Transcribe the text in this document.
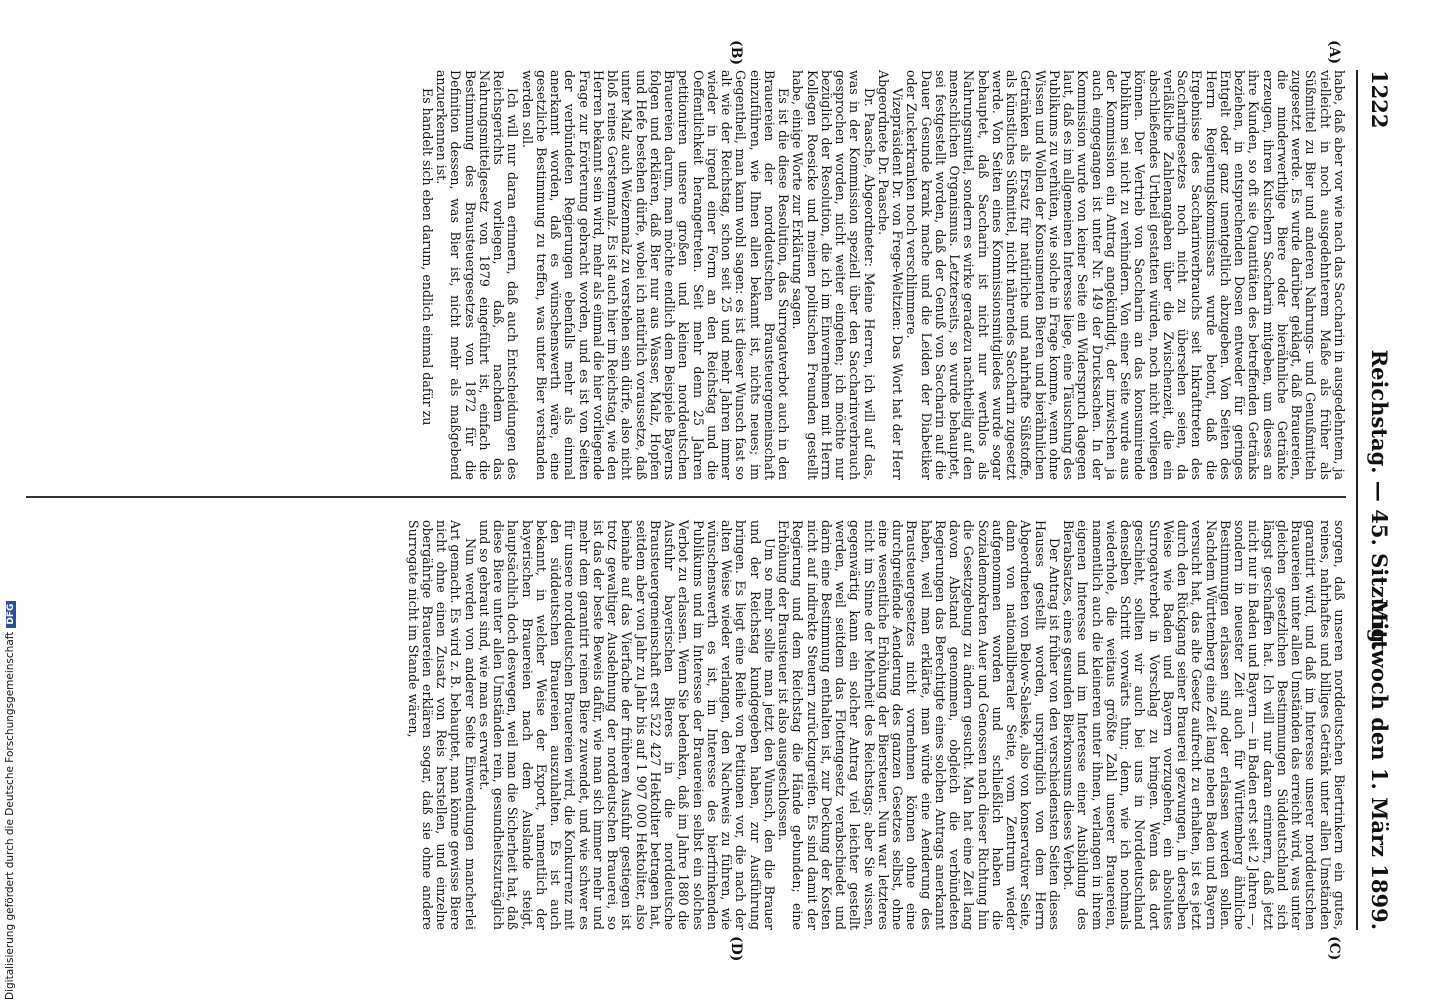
1222
Reichstag. — 45. Sitzung.
Mittwoch den 1. März 1899.
(A)
(B)
(C)
(D)

habe, daß aber vor wie nach das Saccharin in ausgedehntem, ja vielleicht in noch ausgedehnterem Maße als früher als Süßmittel zu Bier und anderen Nahrungs- und Genußmitteln zugesetzt werde. Es wurde darüber geklagt, daß Brauereien, die minderwerthige Biere oder bierähnliche Getränke erzeugen, ihren Kutschern Saccharin mitgeben, um dieses an ihre Kunden, so oft sie Quantitäten des betreffenden Getränks beziehen, in entsprechenden Dosen entweder für geringes Entgelt oder ganz unentgeltlich abzugeben. Von Seiten des Herrn Regierungskommissars wurde betont, daß die Ergebnisse des Saccharinverbrauchs seit Inkrafttreten des Saccharingesetzes noch nicht zu übersehen seien, da verläßliche Zahlenangaben über die Zwischenzeit, die ein abschließendes Urtheil gestatten würden, noch nicht vorliegen können. Der Vertrieb von Saccharin an das konsumirende Publikum sei nicht zu verhindern. Von einer Seite wurde aus der Kommission ein Antrag angekündigt, der inzwischen ja auch eingegangen ist unter Nr. 149 der Drucksachen. In der Kommission wurde von keiner Seite ein Widerspruch dagegen laut, daß es im allgemeinen Interesse liege, eine Täuschung des Publikums zu verhüten, wie solche in Frage komme, wenn ohne Wissen und Wollen der Konsumenten Bieren und bierähnlichen Getränken als Ersatz für natürliche und nahrhafte Süßstoffe, als künstliches Süßmittel, nicht nährendes Saccharin zugesetzt werde. Von Seiten eines Kommissionsmitgliedes wurde sogar behauptet, daß Saccharin ist nicht nur werthlos als Nahrungsmittel, sondern es wirke geradezu nachtheilig auf den menschlichen Organismus. Letzterseits, so wurde behauptet, sei festgestellt worden, daß der Genuß von Saccharin auf die Dauer Gesunde krank mache und die Leiden der Diabetiker oder Zuckerkranken noch verschlimmere.

Vizepräsident Dr. von Frege-Weltzien: Das Wort hat der Herr Abgeordnete Dr. Paasche.

Dr. Paasche, Abgeordneter: Meine Herren, ich will auf das, was in der Kommission speziell über den Saccharinverbrauch gesprochen worden, nicht weiter eingehen; ich möchte nur bezüglich der Resolution, die ich im Einvernehmen mit Herrn Kollegen Roesicke und meinen politischen Freunden gestellt habe, einige Worte zur Erklärung sagen.

Es ist die diese Resolution, das Surrogatverbot auch in den Brauereien der norddeutschen Brausteuergemeinschaft einzuführen, wie Ihnen allen bekannt ist, nichts neues; im Gegentheil, man kann wohl sagen: es ist dieser Wunsch fast so alt wie der Reichstag, schon seit 25 und mehr Jahren immer wieder in irgend einer Form an den Reichstag und die Oeffentlichkeit herangetreten. Seit mehr denn 25 Jahren petitioniren unsere großen und kleinen norddeutschen Brauereien darum, man möchte endlich dem Beispiele Bayerns folgen und erklären, daß Bier nur aus Wasser, Malz, Hopfen und Hefe bestehen dürfe, wobei ich natürlich voraussetze, daß unter Malz auch Weizenmalz zu verstehen sein dürfe, also nicht bloß reines Gerstenmalz. Es ist auch hier im Reichstag, wie den Herren bekannt sein wird, mehr als einmal die hier vorliegende Frage zur Erörterung gebracht worden, und es ist von Seiten der verbündeten Regierungen ebenfalls mehr als einmal anerkannt worden, daß es wünschenswerth wäre, eine gesetzliche Bestimmung zu treffen, was unter Bier verstanden werden soll.

Ich will nur daran erinnern, daß auch Entscheidungen des Reichsgerichts vorliegen, daß, nachdem das Nahrungsmittelgesetz von 1879 eingeführt ist, einfach die Bestimmung des Brausteuergesetzes von 1872 für die Definition dessen, was Bier ist, nicht mehr als maßgebend anzuerkennen ist.

Es handelt sich eben darum, endlich einmal dafür zu

sorgen, daß unseren norddeutschen Biertrinkern ein gutes, reines, nahrhaftes und billiges Getränk unter allen Umständen garantirt wird, und daß im Interesse unserer norddeutschen Brauereien unter allen Umständen das erreicht wird, was unter gleichen gesetzlichen Bestimmungen Süddeutschland sich längst geschaffen hat. Ich will nur daran erinnern, daß jetzt nicht nur in Baden und Bayern — in Baden erst seit 2 Jahren —, sondern in neuester Zeit auch für Württemberg ähnliche Bestimmungen erlassen sind oder erlassen werden sollen. Nachdem Württemberg eine Zeit lang neben Baden und Bayern versucht hat, das alte Gesetz aufrecht zu erhalten, ist es jetzt durch den Rückgang seiner Brauerei gezwungen, in derselben Weise wie Baden und Bayern vorzugehen, ein absolutes Surrogatverbot in Vorschlag zu bringen. Wenn das dort geschieht, sollten wir auch bei uns in Norddeutschland denselben Schritt vorwärts thun; denn, wie ich nochmals wiederhole, die weitaus größte Zahl unserer Brauereien, namentlich auch die kleineren unter ihnen, verlangen in ihrem eigenen Interesse und im Interesse einer Ausbildung des Bierabsatzes, eines gesunden Bierkonsums dieses Verbot.

Der Antrag ist früher von den verschiedensten Seiten dieses Hauses gestellt worden, ursprünglich von dem Herrn Abgeordneten von Below-Saleske, also von konservativer Seite, dann von nationalliberaler Seite, vom Zentrum wieder aufgenommen worden und schließlich haben die Sozialdemokraten Auer und Genossen nach dieser Richtung hin die Gesetzgebung zu ändern gesucht. Man hat eine Zeit lang davon Abstand genommen, obgleich die verbündeten Regierungen das Berechtigte eines solchen Antrags anerkannt haben, weil man erklärte, man würde eine Aenderung des Brausteuergesetzes nicht vornehmen können ohne eine durchgreifende Aenderung des ganzen Gesetzes selbst, ohne eine wesentliche Erhöhung der Biersteuer. Nun war letzteres nicht im Sinne der Mehrheit des Reichstags; aber Sie wissen, gegenwärtig kann ein solcher Antrag viel leichter gestellt werden, weil seitdem das Flottengesetz verabschiedet und darin eine Bestimmung enthalten ist, zur Deckung der Kosten nicht auf indirekte Steuern zurückzugreifen. Es sind damit der Regierung und dem Reichstag die Hände gebunden; eine Erhöhung der Brausteuer ist also ausgeschlossen.

Um so mehr sollte man jetzt den Wunsch, den die Brauer und der Reichstag kundgegeben haben, zur Ausführung bringen. Es liegt eine Reihe von Petitionen vor, die nach der alten Weise wieder verlangen, den Nachweis zu führen, wie wünschenswerth es ist, im Interesse des bierfrinkenden Publikums und im Interesse der Brauereien selbst ein solches Verbot zu erlassen. Wenn Sie bedenken, daß im Jahre 1880 die Ausfuhr bayerischen Bieres in die norddeutsche Brausteuergemeinschaft erst 522 427 Hektoliter betragen hat, seitdem aber von Jahr zu Jahr bis auf 1 907 000 Hektoliter, also beinahe auf das Vierfache der früheren Ausfuhr gestiegen ist trotz gewaltiger Ausdehnung der norddeutschen Brauerei, so ist das der beste Beweis dafür, wie man sich immer mehr und mehr dem garantirt reinen Biere zuwendet, und wie schwer es für unsere norddeutschen Brauereien wird, die Konkurrenz mit den süddeutschen Brauereien auszuhalten. Es ist auch bekannt, in welcher Weise der Export, namentlich der bayerischen Brauereien nach dem Auslande steigt, hauptsächlich doch deswegen, weil man die Sicherheit hat, daß diese Biere unter allen Umständen rein, gesundheitszuträglich und so gebraut sind, wie man es erwartet.

Nun werden von anderer Seite Einwendungen mancherlei Art gemacht. Es wird z. B. behauptet, man könne gewisse Biere nicht ohne einen Zusatz von Reis herstellen, und einzelne obergährige Brauereien erklären sogar, daß sie ohne andere Surrogate nicht im Stande wären,

Digitalisierung gefördert durch die Deutsche ForschungsgemeinschaftDFG
